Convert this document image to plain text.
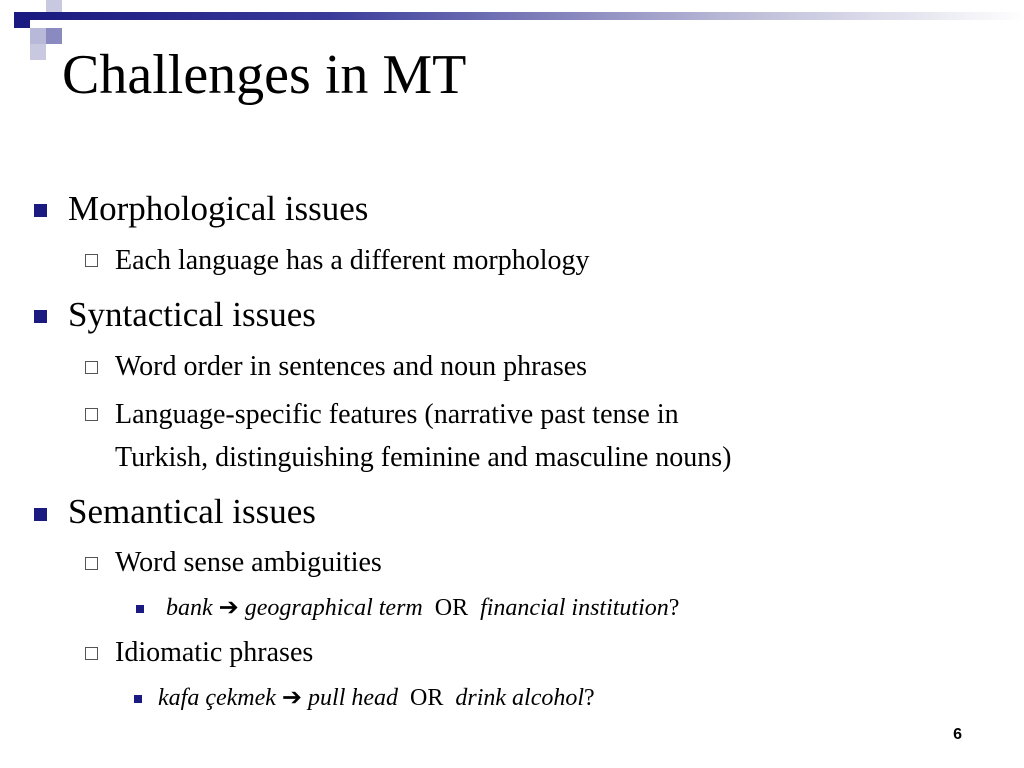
Challenges in MT
Morphological issues
Each language has a different morphology
Syntactical issues
Word order in sentences and noun phrases
Language-specific features (narrative past tense in
Turkish, distinguishing feminine and masculine nouns)
Semantical issues
Word sense ambiguities
bank ➔ geographical term OR financial institution?
Idiomatic phrases
kafa çekmek ➔ pull head OR drink alcohol?
6
